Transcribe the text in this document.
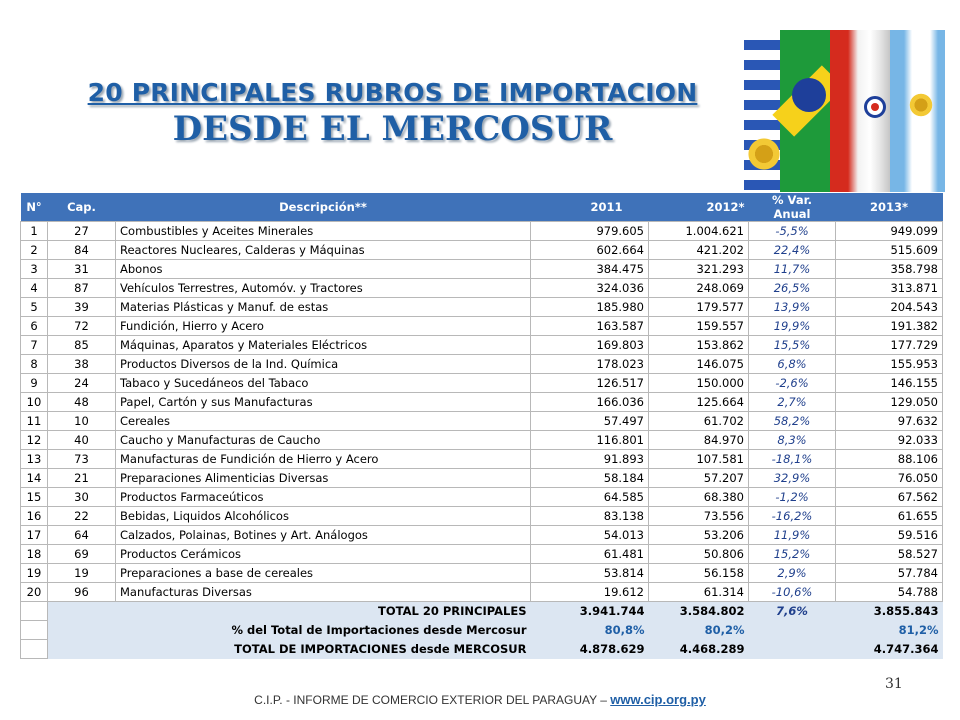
20 PRINCIPALES RUBROS DE IMPORTACION
DESDE EL MERCOSUR
N°	Cap.	Descripción**	2011	2012*	% Var. Anual	2013*
1	27	Combustibles y Aceites Minerales	979.605	1.004.621	-5,5%	949.099
2	84	Reactores Nucleares, Calderas y Máquinas	602.664	421.202	22,4%	515.609
3	31	Abonos	384.475	321.293	11,7%	358.798
4	87	Vehículos Terrestres, Automóv. y Tractores	324.036	248.069	26,5%	313.871
5	39	Materias Plásticas y Manuf. de estas	185.980	179.577	13,9%	204.543
6	72	Fundición, Hierro y Acero	163.587	159.557	19,9%	191.382
7	85	Máquinas, Aparatos y Materiales Eléctricos	169.803	153.862	15,5%	177.729
8	38	Productos Diversos de la Ind. Química	178.023	146.075	6,8%	155.953
9	24	Tabaco y Sucedáneos del Tabaco	126.517	150.000	-2,6%	146.155
10	48	Papel, Cartón y sus Manufacturas	166.036	125.664	2,7%	129.050
11	10	Cereales	57.497	61.702	58,2%	97.632
12	40	Caucho y Manufacturas de Caucho	116.801	84.970	8,3%	92.033
13	73	Manufacturas de Fundición de Hierro y Acero	91.893	107.581	-18,1%	88.106
14	21	Preparaciones Alimenticias Diversas	58.184	57.207	32,9%	76.050
15	30	Productos Farmaceúticos	64.585	68.380	-1,2%	67.562
16	22	Bebidas, Liquidos Alcohólicos	83.138	73.556	-16,2%	61.655
17	64	Calzados, Polainas, Botines y Art. Análogos	54.013	53.206	11,9%	59.516
18	69	Productos Cerámicos	61.481	50.806	15,2%	58.527
19	19	Preparaciones a base de cereales	53.814	56.158	2,9%	57.784
20	96	Manufacturas Diversas	19.612	61.314	-10,6%	54.788
	TOTAL 20 PRINCIPALES		3.941.744	3.584.802	7,6%	3.855.843
	% del Total de Importaciones desde Mercosur		80,8%	80,2%		81,2%
	TOTAL DE IMPORTACIONES desde MERCOSUR		4.878.629	4.468.289		4.747.364
31
C.I.P. - INFORME DE COMERCIO EXTERIOR DEL PARAGUAY – www.cip.org.py
